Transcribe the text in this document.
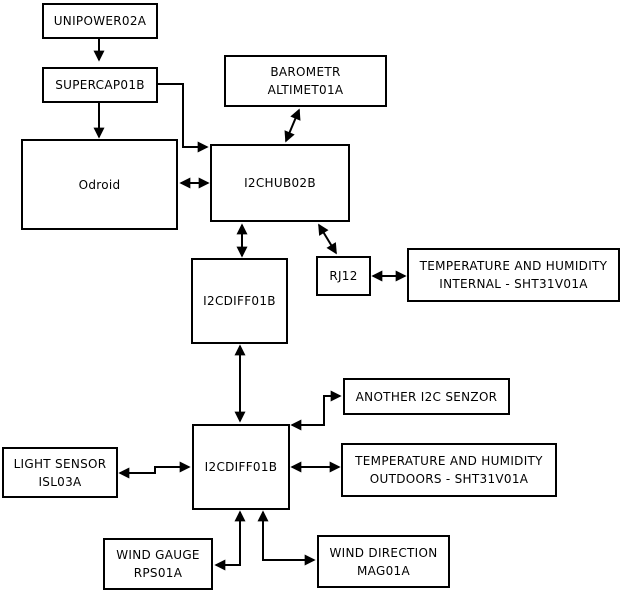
UNIPOWER02A
SUPERCAP01B
Odroid
BAROMETR
ALTIMET01A
I2CHUB02B
RJ12
TEMPERATURE AND HUMIDITY
INTERNAL - SHT31V01A
I2CDIFF01B
ANOTHER I2C SENZOR
I2CDIFF01B
LIGHT SENSOR
ISL03A
TEMPERATURE AND HUMIDITY
OUTDOORS - SHT31V01A
WIND GAUGE
RPS01A
WIND DIRECTION
MAG01A
